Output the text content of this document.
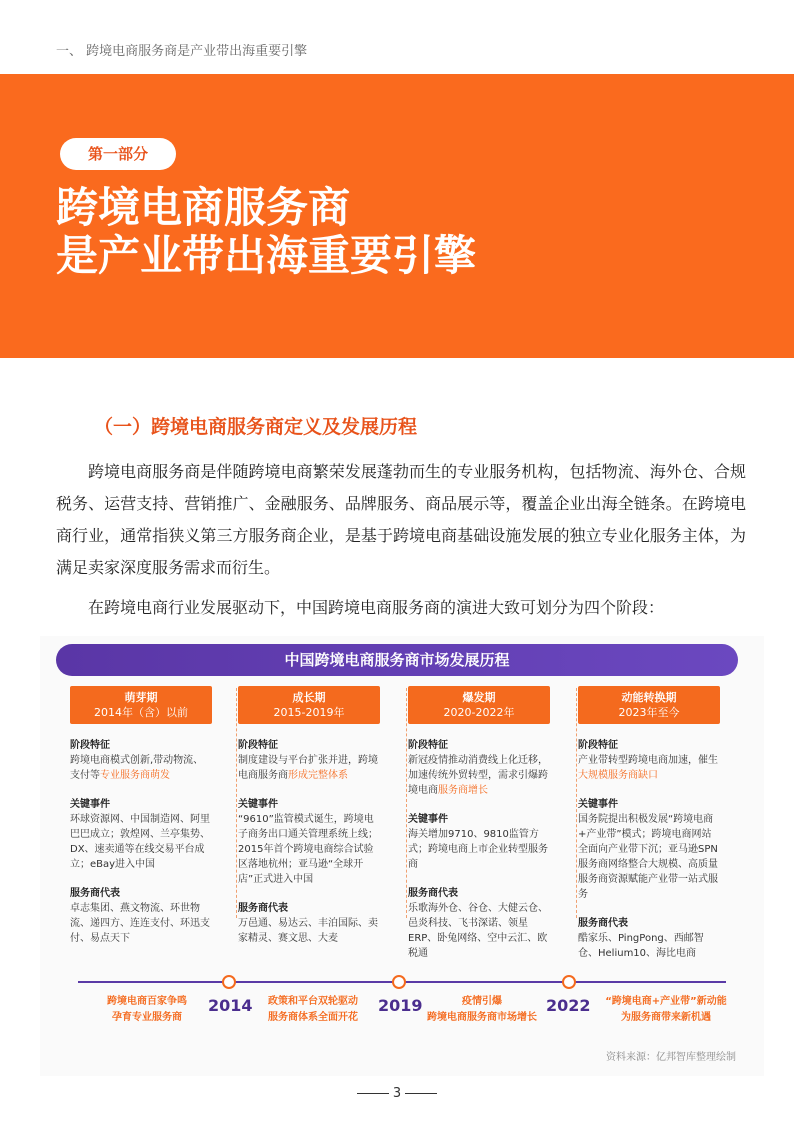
一、 跨境电商服务商是产业带出海重要引擎
第一部分
跨境电商服务商
是产业带出海重要引擎
（一）跨境电商服务商定义及发展历程
跨境电商服务商是伴随跨境电商繁荣发展蓬勃而生的专业服务机构，包括物流、海外仓、合规税务、运营支持、营销推广、金融服务、品牌服务、商品展示等，覆盖企业出海全链条。在跨境电商行业，通常指狭义第三方服务商企业，是基于跨境电商基础设施发展的独立专业化服务主体，为满足卖家深度服务需求而衍生。
在跨境电商行业发展驱动下，中国跨境电商服务商的演进大致可划分为四个阶段：
中国跨境电商服务商市场发展历程
萌芽期
2014年（含）以前
阶段特征
跨境电商模式创新,带动物流、支付等专业服务商萌发
关键事件
环球资源网、中国制造网、阿里巴巴成立；敦煌网、兰亭集势、DX、速卖通等在线交易平台成立；eBay进入中国
服务商代表
卓志集团、燕文物流、环世物流、递四方、连连支付、环迅支付、易点天下
成长期
2015-2019年
阶段特征
制度建设与平台扩张并进，跨境电商服务商形成完整体系
关键事件
“9610”监管模式诞生，跨境电子商务出口通关管理系统上线；2015年首个跨境电商综合试验区落地杭州；亚马逊“全球开店”正式进入中国
服务商代表
万邑通、易达云、丰泊国际、卖家精灵、赛文思、大麦
爆发期
2020-2022年
阶段特征
新冠疫情推动消费线上化迁移，加速传统外贸转型，需求引爆跨境电商服务商增长
关键事件
海关增加9710、9810监管方式；跨境电商上市企业转型服务商
服务商代表
乐歌海外仓、谷仓、大健云仓、邑炎科技、飞书深诺、领星ERP、卧兔网络、空中云汇、欧税通
动能转换期
2023年至今
阶段特征
产业带转型跨境电商加速，催生大规模服务商缺口
关键事件
国务院提出积极发展“跨境电商+产业带”模式；跨境电商网站全面向产业带下沉；亚马逊SPN服务商网络整合大规模、高质量服务商资源赋能产业带一站式服务
服务商代表
酷家乐、PingPong、西邮智仓、Helium10、海比电商
2014	2019	2022
跨境电商百家争鸣
孕育专业服务商
政策和平台双轮驱动
服务商体系全面开花
疫情引爆
跨境电商服务商市场增长
“跨境电商+产业带”新动能
为服务商带来新机遇
资料来源：亿邦智库整理绘制
3
